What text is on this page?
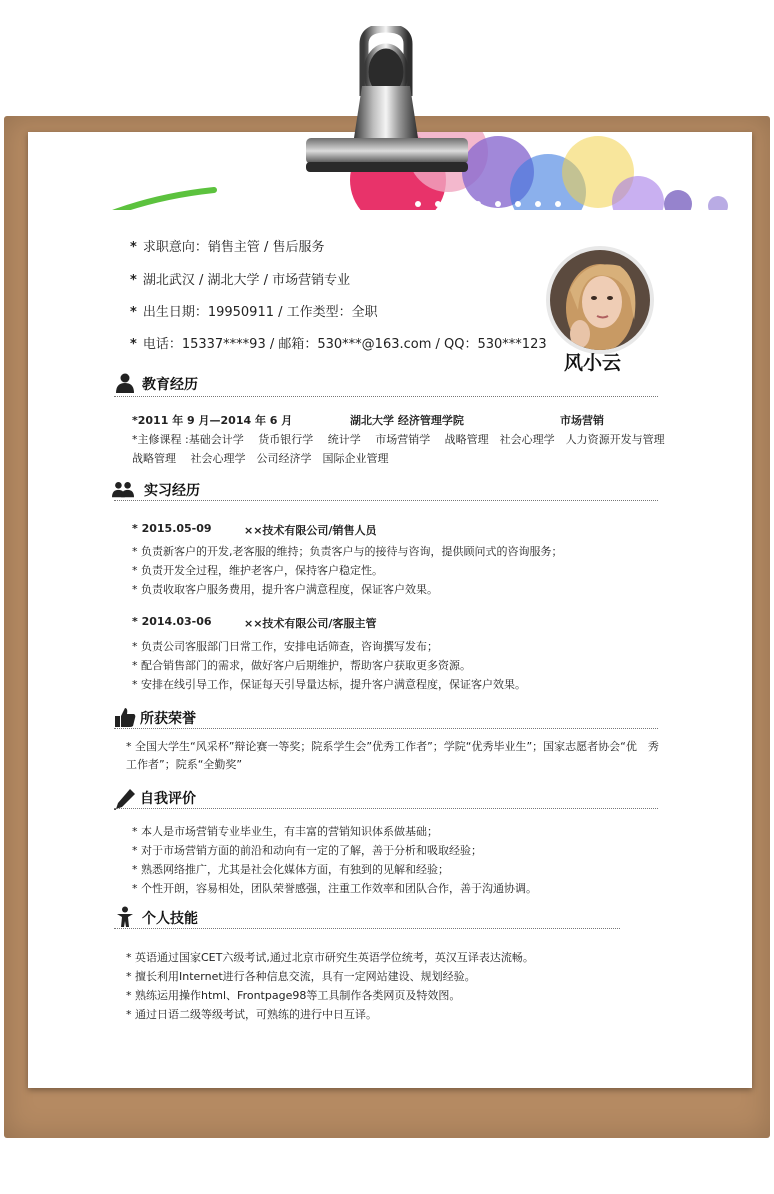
* 求职意向：销售主管 / 售后服务
* 湖北武汉 / 湖北大学 / 市场营销专业
* 出生日期：19950911 / 工作类型：全职
* 电话：15337****93 / 邮箱：530***@163.com / QQ：530***123
风小云
教育经历
*2011 年 9 月—2014 年 6 月	湖北大学 经济管理学院	市场营销
*主修课程 :基础会计学　 货币银行学　 统计学　 市场营销学　 战略管理　社会心理学　人力资源开发与管理
战略管理　 社会心理学　公司经济学　国际企业管理
实习经历
* 2015.05-09	××技术有限公司/销售人员
* 负责新客户的开发,老客服的维持；负责客户与的接待与咨询，提供顾问式的咨询服务；
* 负责开发全过程，维护老客户，保持客户稳定性。
* 负责收取客户服务费用，提升客户满意程度，保证客户效果。
* 2014.03-06	××技术有限公司/客服主管
* 负责公司客服部门日常工作，安排电话筛查，咨询撰写发布；
* 配合销售部门的需求，做好客户后期维护，帮助客户获取更多资源。
* 安排在线引导工作，保证每天引导量达标，提升客户满意程度，保证客户效果。
所获荣誉
* 全国大学生“风采杯”辩论赛一等奖；院系学生会”优秀工作者”；学院“优秀毕业生”；国家志愿者协会“优　秀
工作者”；院系“全勤奖”
自我评价
* 本人是市场营销专业毕业生，有丰富的营销知识体系做基础；
* 对于市场营销方面的前沿和动向有一定的了解，善于分析和吸取经验；
* 熟悉网络推广，尤其是社会化媒体方面，有独到的见解和经验；
* 个性开朗，容易相处，团队荣誉感强，注重工作效率和团队合作，善于沟通协调。
个人技能
* 英语通过国家CET六级考试,通过北京市研究生英语学位统考，英汉互译表达流畅。
* 擅长利用Internet进行各种信息交流，具有一定网站建设、规划经验。
* 熟练运用操作html、Frontpage98等工具制作各类网页及特效图。
* 通过日语二级等级考试，可熟练的进行中日互译。
